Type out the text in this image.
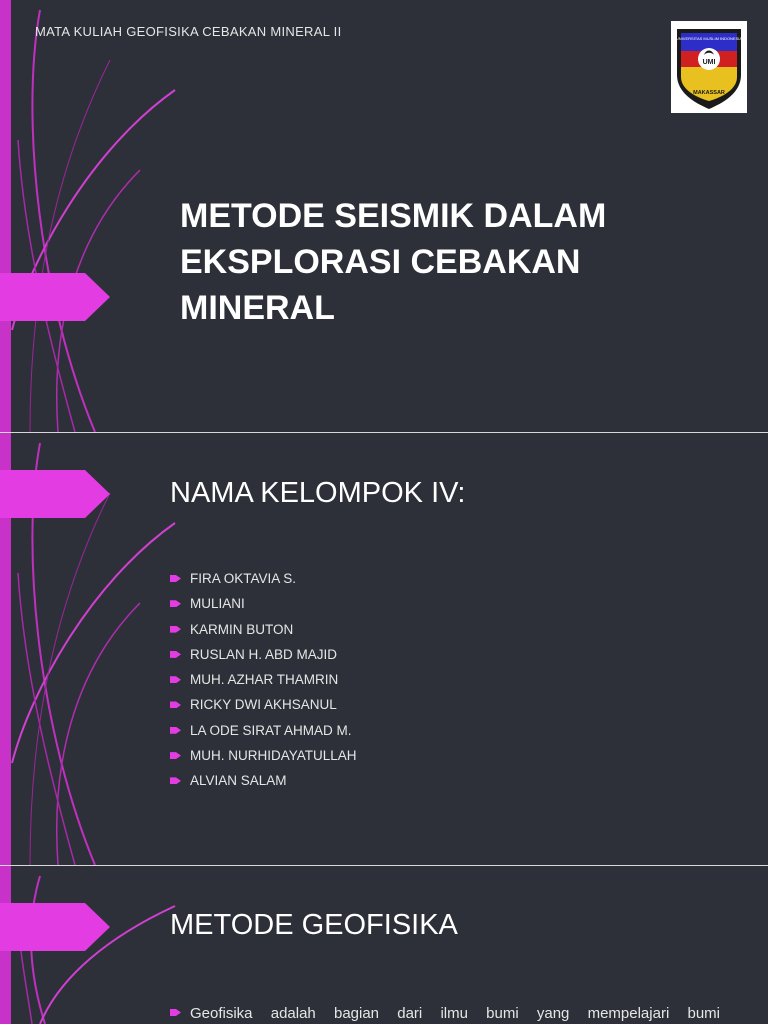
MATA KULIAH GEOFISIKA CEBAKAN MINERAL II
UMI
UNIVERSITAS MUSLIM INDONESIA
MAKASSAR
METODE SEISMIK DALAM
EKSPLORASI CEBAKAN
MINERAL
NAMA KELOMPOK IV:
FIRA OKTAVIA S.
MULIANI
KARMIN BUTON
RUSLAN H. ABD MAJID
MUH. AZHAR THAMRIN
RICKY DWI AKHSANUL
LA ODE SIRAT AHMAD M.
MUH. NURHIDAYATULLAH
ALVIAN SALAM
METODE GEOFISIKA
Geofisika adalah bagian dari ilmu bumi yang mempelajari bumi
